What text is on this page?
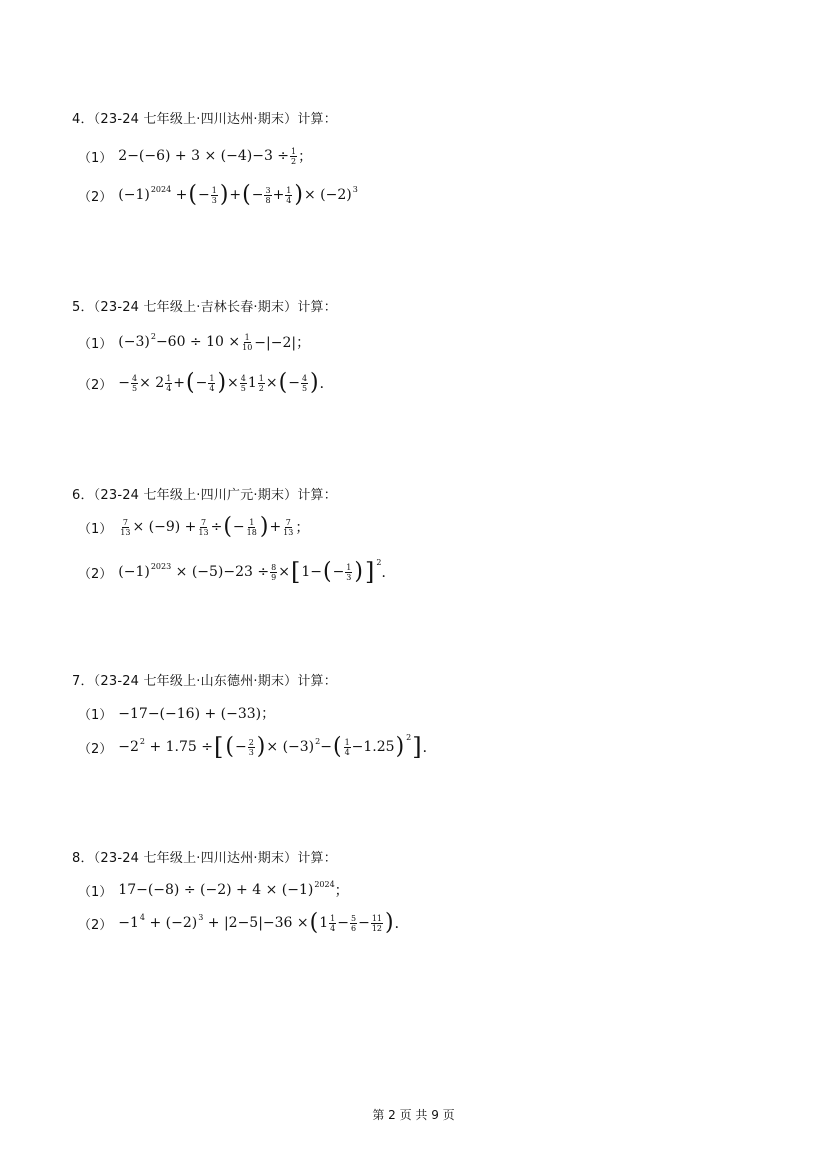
4．（23-24 七年级上·四川达州·期末）计算：
（1） 2−(−6) + 3 × (−4)−3 ÷ 1
2 ；
（2） (−1) 2024 + ( − 1
3 ) + ( − 3
8 + 1
4 ) × (−2) 3
5．（23-24 七年级上·吉林长春·期末）计算：
（1） (−3) 2 −60 ÷ 10 × 1
10 −|−2|；
（2） − 4
5 × 2 1
4 + ( − 1
4 ) × 4
5 1 1
2 × ( − 4
5 ) ．
6．（23-24 七年级上·四川广元·期末）计算：
（1） 7
13 × (−9) + 7
13 ÷ ( − 1
18 ) + 7
13 ；
（2） (−1) 2023 × (−5)−23 ÷ 8
9 × [ 1− ( − 1
3 ) ] 2
．
7．（23-24 七年级上·山东德州·期末）计算：
（1） −17−(−16) + (−33)；
（2） −2 2 + 1.75 ÷ [ ( − 2
3 ) × (−3) 2 − ( 1
4 −1.25 ) 2 ] ．
8．（23-24 七年级上·四川达州·期末）计算：
（1） 17−(−8) ÷ (−2) + 4 × (−1) 2024 ；
（2） −1 4 + (−2) 3 + |2−5|−36 × ( 1 1
4 − 5
6 − 11
12 ) ．
第 2 页 共 9 页
